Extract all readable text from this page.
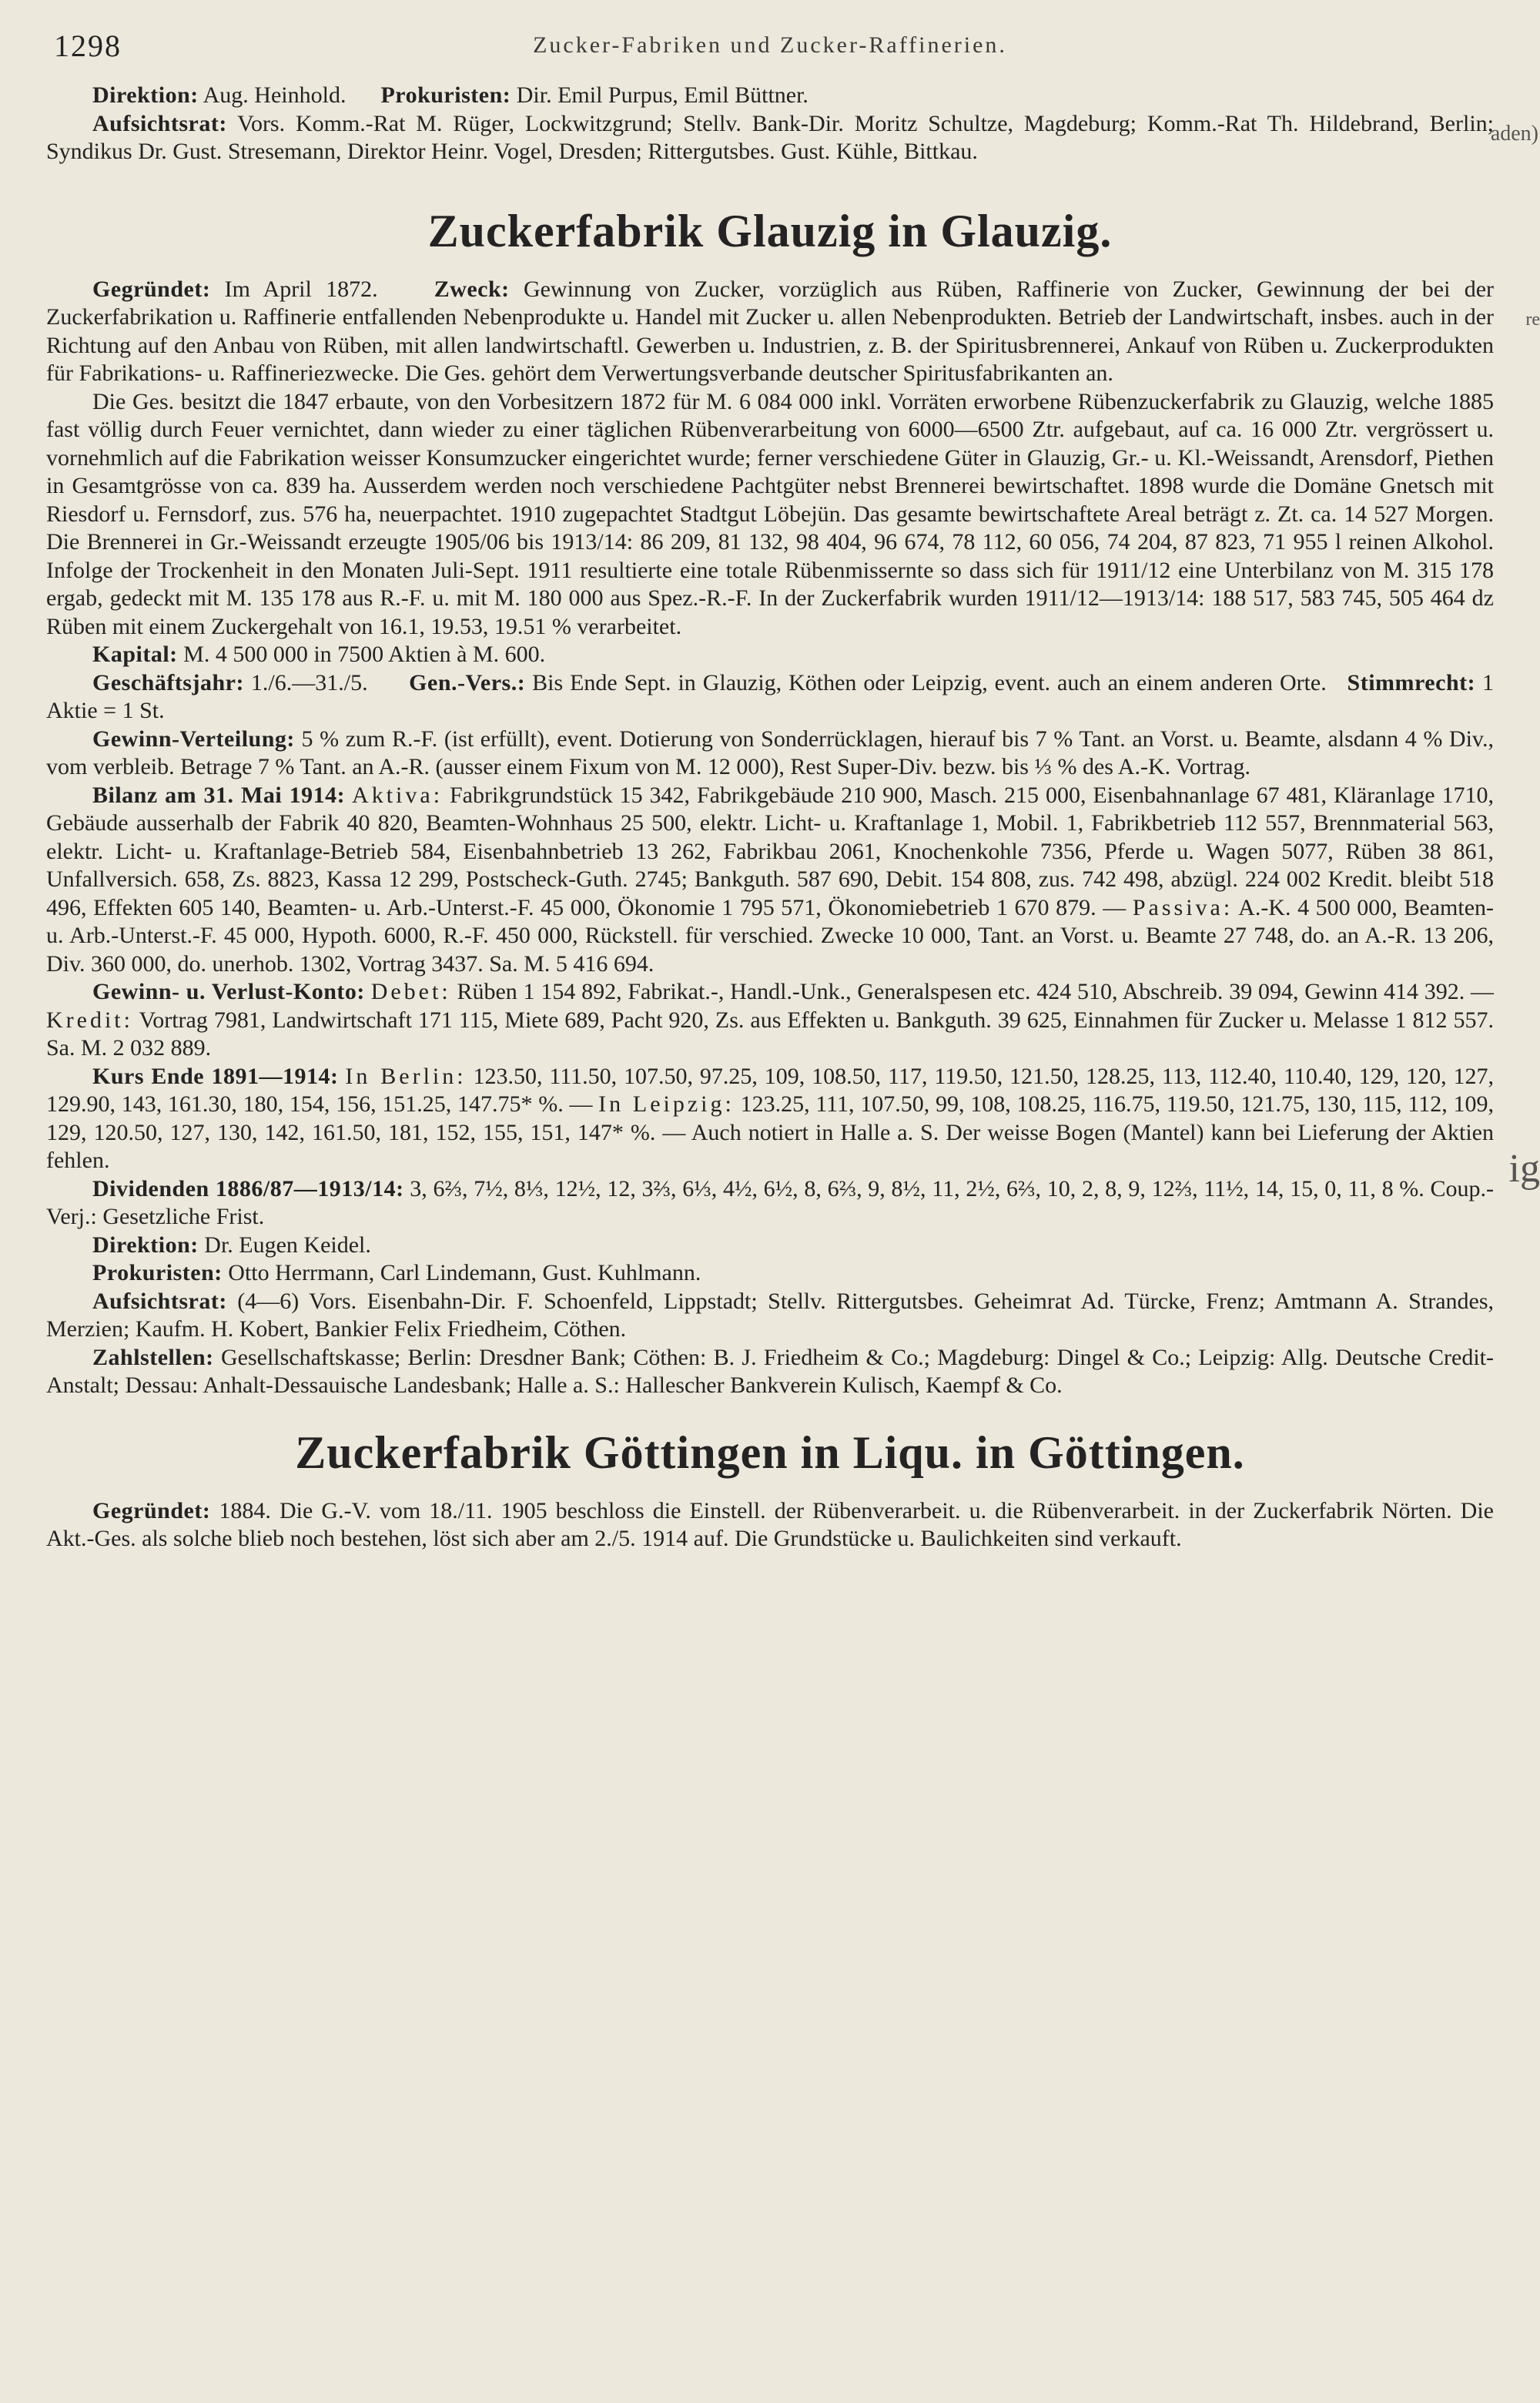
1298	Zucker-Fabriken und Zucker-Raffinerien.
aden)
re
ig

Direktion: Aug. Heinhold. Prokuristen: Dir. Emil Purpus, Emil Büttner.

Aufsichtsrat: Vors. Komm.-Rat M. Rüger, Lockwitzgrund; Stellv. Bank-Dir. Moritz Schultze, Magdeburg; Komm.-Rat Th. Hildebrand, Berlin; Syndikus Dr. Gust. Stresemann, Direktor Heinr. Vogel, Dresden; Rittergutsbes. Gust. Kühle, Bittkau.

Zuckerfabrik Glauzig in Glauzig.

Gegründet: Im April 1872. Zweck: Gewinnung von Zucker, vorzüglich aus Rüben, Raffinerie von Zucker, Gewinnung der bei der Zuckerfabrikation u. Raffinerie entfallenden Nebenprodukte u. Handel mit Zucker u. allen Nebenprodukten. Betrieb der Landwirtschaft, insbes. auch in der Richtung auf den Anbau von Rüben, mit allen landwirtschaftl. Gewerben u. Industrien, z. B. der Spiritusbrennerei, Ankauf von Rüben u. Zuckerprodukten für Fabrikations- u. Raffineriezwecke. Die Ges. gehört dem Verwertungsverbande deutscher Spiritusfabrikanten an.

Die Ges. besitzt die 1847 erbaute, von den Vorbesitzern 1872 für M. 6 084 000 inkl. Vorräten erworbene Rübenzuckerfabrik zu Glauzig, welche 1885 fast völlig durch Feuer vernichtet, dann wieder zu einer täglichen Rübenverarbeitung von 6000—6500 Ztr. aufgebaut, auf ca. 16 000 Ztr. vergrössert u. vornehmlich auf die Fabrikation weisser Konsumzucker eingerichtet wurde; ferner verschiedene Güter in Glauzig, Gr.- u. Kl.-Weissandt, Arensdorf, Piethen in Gesamtgrösse von ca. 839 ha. Ausserdem werden noch verschiedene Pachtgüter nebst Brennerei bewirtschaftet. 1898 wurde die Domäne Gnetsch mit Riesdorf u. Fernsdorf, zus. 576 ha, neuerpachtet. 1910 zugepachtet Stadtgut Löbejün. Das gesamte bewirtschaftete Areal beträgt z. Zt. ca. 14 527 Morgen. Die Brennerei in Gr.-Weissandt erzeugte 1905/06 bis 1913/14: 86 209, 81 132, 98 404, 96 674, 78 112, 60 056, 74 204, 87 823, 71 955 l reinen Alkohol. Infolge der Trockenheit in den Monaten Juli-Sept. 1911 resultierte eine totale Rübenmissernte so dass sich für 1911/12 eine Unterbilanz von M. 315 178 ergab, gedeckt mit M. 135 178 aus R.-F. u. mit M. 180 000 aus Spez.-R.-F. In der Zuckerfabrik wurden 1911/12—1913/14: 188 517, 583 745, 505 464 dz Rüben mit einem Zuckergehalt von 16.1, 19.53, 19.51 % verarbeitet.

Kapital: M. 4 500 000 in 7500 Aktien à M. 600.

Geschäftsjahr: 1./6.—31./5. Gen.-Vers.: Bis Ende Sept. in Glauzig, Köthen oder Leipzig, event. auch an einem anderen Orte. Stimmrecht: 1 Aktie = 1 St.

Gewinn-Verteilung: 5 % zum R.-F. (ist erfüllt), event. Dotierung von Sonderrücklagen, hierauf bis 7 % Tant. an Vorst. u. Beamte, alsdann 4 % Div., vom verbleib. Betrage 7 % Tant. an A.-R. (ausser einem Fixum von M. 12 000), Rest Super-Div. bezw. bis ⅓ % des A.-K. Vortrag.

Bilanz am 31. Mai 1914: Aktiva: Fabrikgrundstück 15 342, Fabrikgebäude 210 900, Masch. 215 000, Eisenbahnanlage 67 481, Kläranlage 1710, Gebäude ausserhalb der Fabrik 40 820, Beamten-Wohnhaus 25 500, elektr. Licht- u. Kraftanlage 1, Mobil. 1, Fabrikbetrieb 112 557, Brennmaterial 563, elektr. Licht- u. Kraftanlage-Betrieb 584, Eisenbahnbetrieb 13 262, Fabrikbau 2061, Knochenkohle 7356, Pferde u. Wagen 5077, Rüben 38 861, Unfallversich. 658, Zs. 8823, Kassa 12 299, Postscheck-Guth. 2745; Bankguth. 587 690, Debit. 154 808, zus. 742 498, abzügl. 224 002 Kredit. bleibt 518 496, Effekten 605 140, Beamten- u. Arb.-Unterst.-F. 45 000, Ökonomie 1 795 571, Ökonomiebetrieb 1 670 879. — Passiva: A.-K. 4 500 000, Beamten- u. Arb.-Unterst.-F. 45 000, Hypoth. 6000, R.-F. 450 000, Rückstell. für verschied. Zwecke 10 000, Tant. an Vorst. u. Beamte 27 748, do. an A.-R. 13 206, Div. 360 000, do. unerhob. 1302, Vortrag 3437. Sa. M. 5 416 694.

Gewinn- u. Verlust-Konto: Debet: Rüben 1 154 892, Fabrikat.-, Handl.-Unk., Generalspesen etc. 424 510, Abschreib. 39 094, Gewinn 414 392. — Kredit: Vortrag 7981, Landwirtschaft 171 115, Miete 689, Pacht 920, Zs. aus Effekten u. Bankguth. 39 625, Einnahmen für Zucker u. Melasse 1 812 557. Sa. M. 2 032 889.

Kurs Ende 1891—1914: In Berlin: 123.50, 111.50, 107.50, 97.25, 109, 108.50, 117, 119.50, 121.50, 128.25, 113, 112.40, 110.40, 129, 120, 127, 129.90, 143, 161.30, 180, 154, 156, 151.25, 147.75* %. — In Leipzig: 123.25, 111, 107.50, 99, 108, 108.25, 116.75, 119.50, 121.75, 130, 115, 112, 109, 129, 120.50, 127, 130, 142, 161.50, 181, 152, 155, 151, 147* %. — Auch notiert in Halle a. S. Der weisse Bogen (Mantel) kann bei Lieferung der Aktien fehlen.

Dividenden 1886/87—1913/14: 3, 6⅔, 7½, 8⅓, 12½, 12, 3⅔, 6⅓, 4½, 6½, 8, 6⅔, 9, 8½, 11, 2½, 6⅔, 10, 2, 8, 9, 12⅔, 11½, 14, 15, 0, 11, 8 %. Coup.-Verj.: Gesetzliche Frist.

Direktion: Dr. Eugen Keidel.

Prokuristen: Otto Herrmann, Carl Lindemann, Gust. Kuhlmann.

Aufsichtsrat: (4—6) Vors. Eisenbahn-Dir. F. Schoenfeld, Lippstadt; Stellv. Rittergutsbes. Geheimrat Ad. Türcke, Frenz; Amtmann A. Strandes, Merzien; Kaufm. H. Kobert, Bankier Felix Friedheim, Cöthen.

Zahlstellen: Gesellschaftskasse; Berlin: Dresdner Bank; Cöthen: B. J. Friedheim & Co.; Magdeburg: Dingel & Co.; Leipzig: Allg. Deutsche Credit-Anstalt; Dessau: Anhalt-Dessauische Landesbank; Halle a. S.: Hallescher Bankverein Kulisch, Kaempf & Co.

Zuckerfabrik Göttingen in Liqu. in Göttingen.

Gegründet: 1884. Die G.-V. vom 18./11. 1905 beschloss die Einstell. der Rübenverarbeit. u. die Rübenverarbeit. in der Zuckerfabrik Nörten. Die Akt.-Ges. als solche blieb noch bestehen, löst sich aber am 2./5. 1914 auf. Die Grundstücke u. Baulichkeiten sind verkauft.
